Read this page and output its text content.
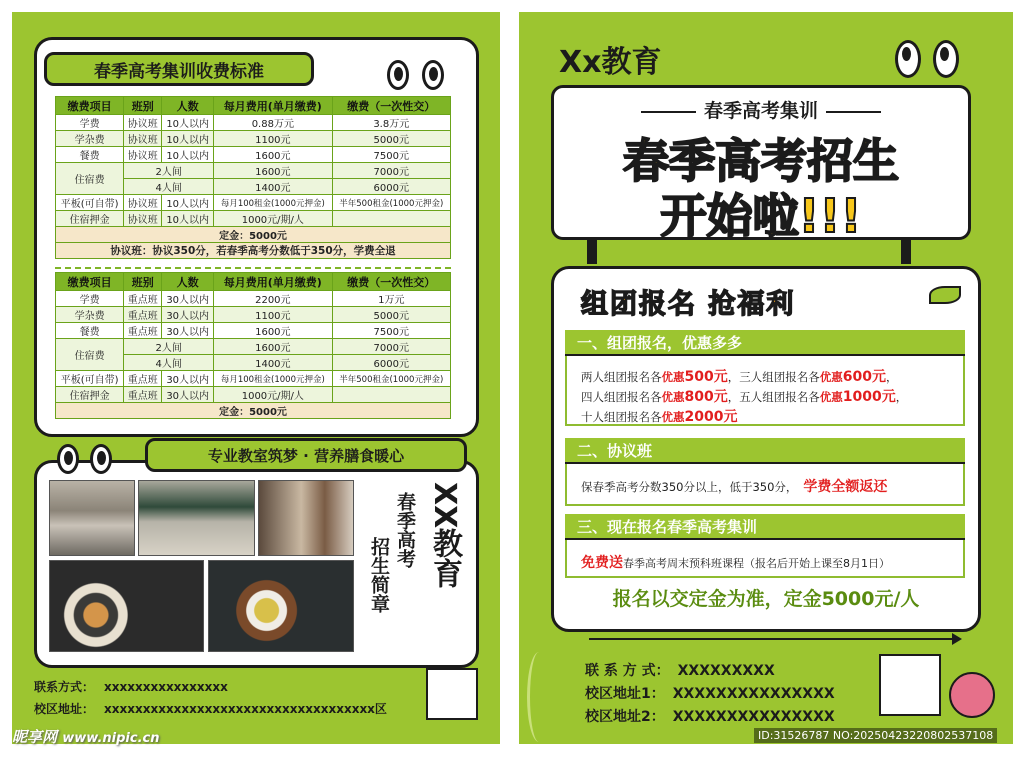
春季高考集训收费标准
缴费项目	班别	人数	每月费用(单月缴费)	缴费（一次性交）
学费	协议班	10人以内	0.88万元	3.8万元
学杂费	协议班	10人以内	1100元	5000元
餐费	协议班	10人以内	1600元	7500元
住宿费	2人间		1600元	7000元
	4人间		1400元	6000元
平板(可自带)	协议班	10人以内	每月100租金(1000元押金)	半年500租金(1000元押金)
住宿押金	协议班	10人以内	1000元/期/人	
定金：5000元				
协议班：协议350分，若春季高考分数低于350分，学费全退				
缴费项目	班别	人数	每月费用(单月缴费)	缴费（一次性交）
学费	重点班	30人以内	2200元	1万元
学杂费	重点班	30人以内	1100元	5000元
餐费	重点班	30人以内	1600元	7500元
住宿费	2人间		1600元	7000元
	4人间		1400元	6000元
平板(可自带)	重点班	30人以内	每月100租金(1000元押金)	半年500租金(1000元押金)
住宿押金	重点班	30人以内	1000元/期/人	
定金：5000元				
专业教室筑梦 · 营养膳食暖心
XX教育
春季高考
招生简章
联系方式： xxxxxxxxxxxxxxxx
校区地址： xxxxxxxxxxxxxxxxxxxxxxxxxxxxxxxxxxx区
Xx教育
春季高考集训
春季高考招生
开始啦!!!
组团报名 抢福利
一、组团报名，优惠多多
两人组团报名各优惠500元，三人组团报名各优惠600元，
四人组团报名各优惠800元，五人组团报名各优惠1000元，
十人组团报名各优惠2000元
二、协议班
保春季高考分数350分以上，低于350分， 学费全额返还
三、现在报名春季高考集训
免费送春季高考周末预科班课程（报名后开始上课至8月1日）
报名以交定金为准，定金5000元/人
联 系 方 式： XXXXXXXXX
校区地址1： XXXXXXXXXXXXXXX
校区地址2： XXXXXXXXXXXXXXX
昵享网 www.nipic.cn	ID:31526787 NO:20250423220802537108
